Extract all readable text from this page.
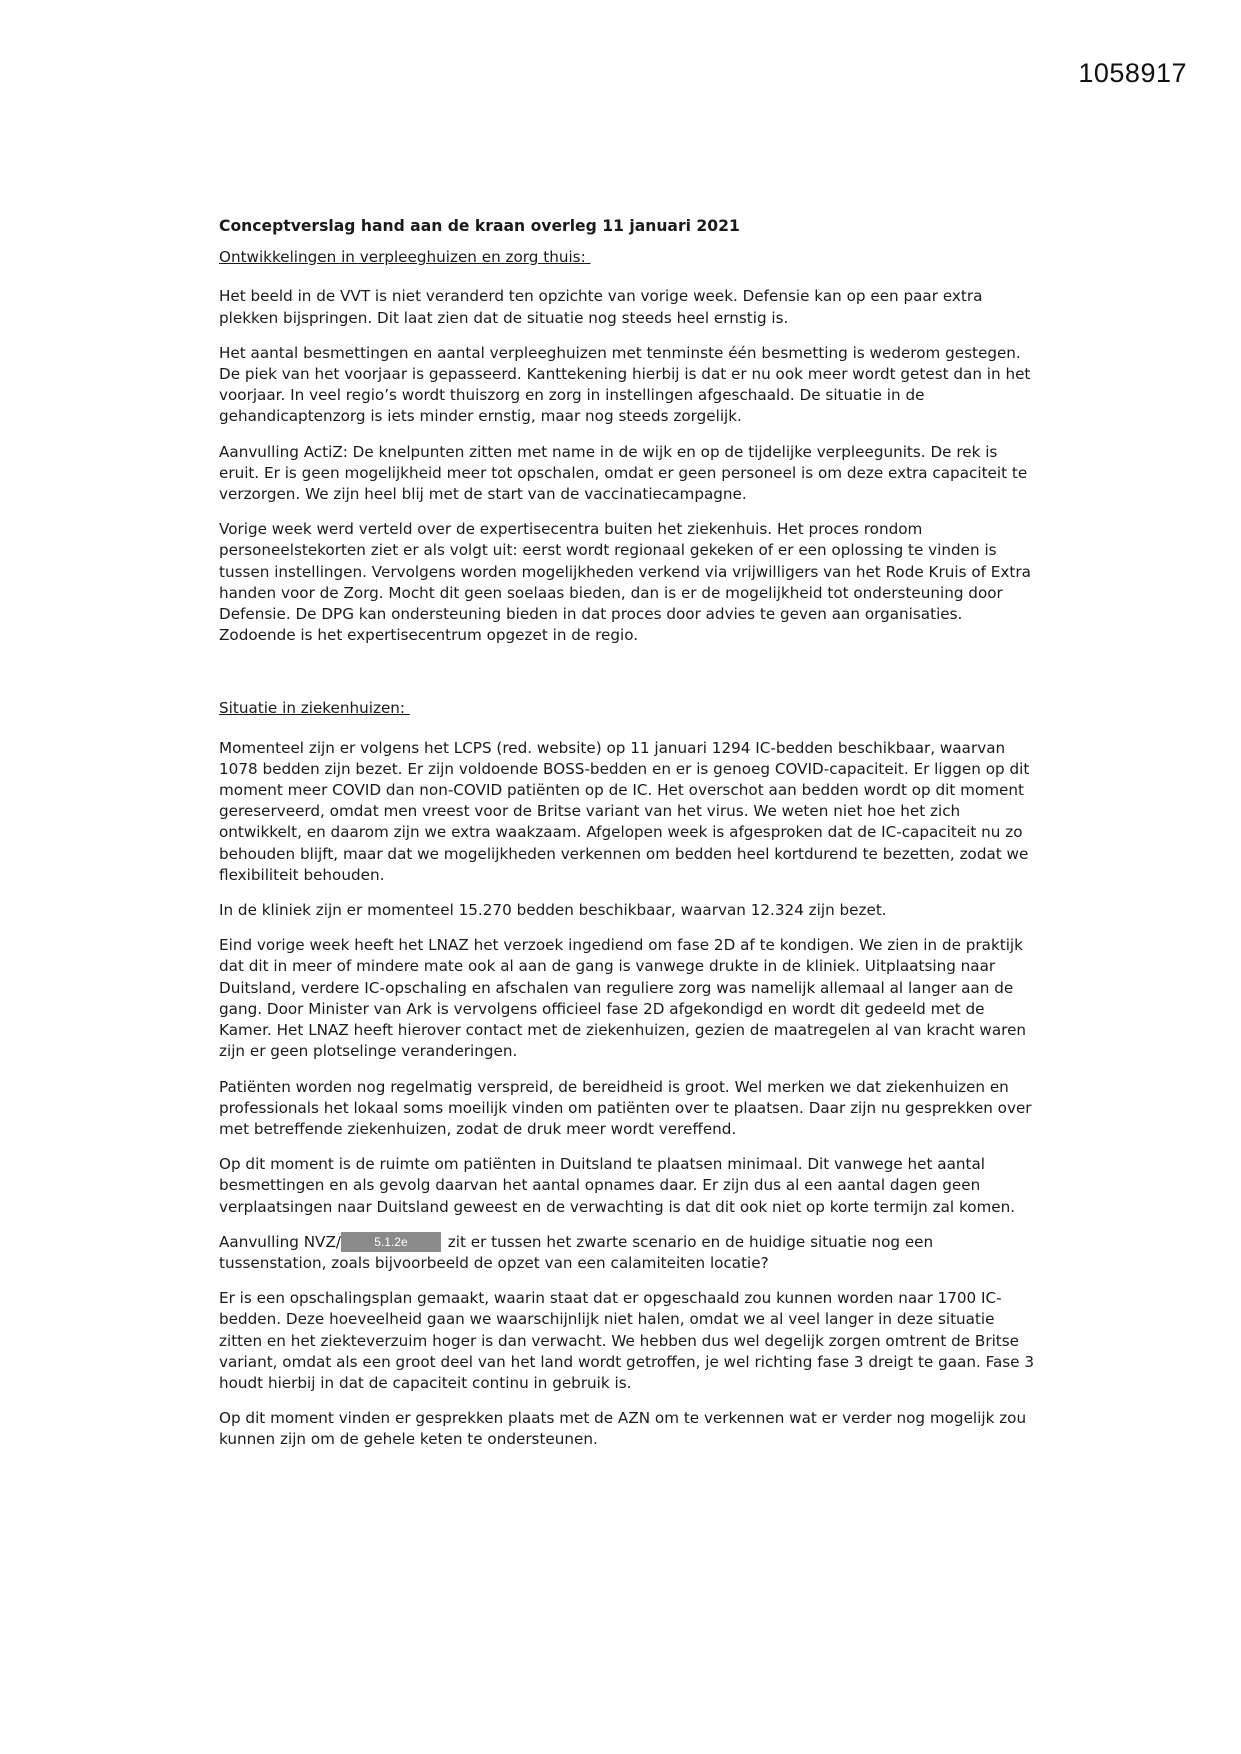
1058917
Conceptverslag hand aan de kraan overleg 11 januari 2021
Ontwikkelingen in verpleeghuizen en zorg thuis:

Het beeld in de VVT is niet veranderd ten opzichte van vorige week. Defensie kan op een paar extra plekken bijspringen. Dit laat zien dat de situatie nog steeds heel ernstig is.

Het aantal besmettingen en aantal verpleeghuizen met tenminste één besmetting is wederom gestegen. De piek van het voorjaar is gepasseerd. Kanttekening hierbij is dat er nu ook meer wordt getest dan in het voorjaar. In veel regio’s wordt thuiszorg en zorg in instellingen afgeschaald. De situatie in de gehandicaptenzorg is iets minder ernstig, maar nog steeds zorgelijk.

Aanvulling ActiZ: De knelpunten zitten met name in de wijk en op de tijdelijke verpleegunits. De rek is eruit. Er is geen mogelijkheid meer tot opschalen, omdat er geen personeel is om deze extra capaciteit te verzorgen. We zijn heel blij met de start van de vaccinatiecampagne.

Vorige week werd verteld over de expertisecentra buiten het ziekenhuis. Het proces rondom personeelstekorten ziet er als volgt uit: eerst wordt regionaal gekeken of er een oplossing te vinden is tussen instellingen. Vervolgens worden mogelijkheden verkend via vrijwilligers van het Rode Kruis of Extra handen voor de Zorg. Mocht dit geen soelaas bieden, dan is er de mogelijkheid tot ondersteuning door Defensie. De DPG kan ondersteuning bieden in dat proces door advies te geven aan organisaties. Zodoende is het expertisecentrum opgezet in de regio.

Situatie in ziekenhuizen:

Momenteel zijn er volgens het LCPS (red. website) op 11 januari 1294 IC-bedden beschikbaar, waarvan 1078 bedden zijn bezet. Er zijn voldoende BOSS-bedden en er is genoeg COVID-capaciteit. Er liggen op dit moment meer COVID dan non-COVID patiënten op de IC. Het overschot aan bedden wordt op dit moment gereserveerd, omdat men vreest voor de Britse variant van het virus. We weten niet hoe het zich ontwikkelt, en daarom zijn we extra waakzaam. Afgelopen week is afgesproken dat de IC-capaciteit nu zo behouden blijft, maar dat we mogelijkheden verkennen om bedden heel kortdurend te bezetten, zodat we flexibiliteit behouden.

In de kliniek zijn er momenteel 15.270 bedden beschikbaar, waarvan 12.324 zijn bezet.

Eind vorige week heeft het LNAZ het verzoek ingediend om fase 2D af te kondigen. We zien in de praktijk dat dit in meer of mindere mate ook al aan de gang is vanwege drukte in de kliniek. Uitplaatsing naar Duitsland, verdere IC-opschaling en afschalen van reguliere zorg was namelijk allemaal al langer aan de gang. Door Minister van Ark is vervolgens officieel fase 2D afgekondigd en wordt dit gedeeld met de Kamer. Het LNAZ heeft hierover contact met de ziekenhuizen, gezien de maatregelen al van kracht waren zijn er geen plotselinge veranderingen.

Patiënten worden nog regelmatig verspreid, de bereidheid is groot. Wel merken we dat ziekenhuizen en professionals het lokaal soms moeilijk vinden om patiënten over te plaatsen. Daar zijn nu gesprekken over met betreffende ziekenhuizen, zodat de druk meer wordt vereffend.

Op dit moment is de ruimte om patiënten in Duitsland te plaatsen minimaal. Dit vanwege het aantal besmettingen en als gevolg daarvan het aantal opnames daar. Er zijn dus al een aantal dagen geen verplaatsingen naar Duitsland geweest en de verwachting is dat dit ook niet op korte termijn zal komen.

Aanvulling NVZ/	5.1.2e zit er tussen het zwarte scenario en de huidige situatie nog een tussenstation, zoals bijvoorbeeld de opzet van een calamiteiten locatie?

Er is een opschalingsplan gemaakt, waarin staat dat er opgeschaald zou kunnen worden naar 1700 IC-bedden. Deze hoeveelheid gaan we waarschijnlijk niet halen, omdat we al veel langer in deze situatie zitten en het ziekteverzuim hoger is dan verwacht. We hebben dus wel degelijk zorgen omtrent de Britse variant, omdat als een groot deel van het land wordt getroffen, je wel richting fase 3 dreigt te gaan. Fase 3 houdt hierbij in dat de capaciteit continu in gebruik is.

Op dit moment vinden er gesprekken plaats met de AZN om te verkennen wat er verder nog mogelijk zou kunnen zijn om de gehele keten te ondersteunen.
